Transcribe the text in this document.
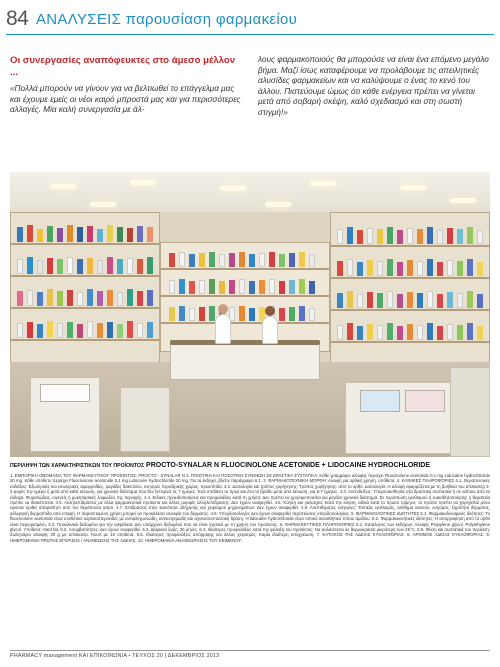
84 ΑΝΑΛΥΣΕΙΣ παρουσίαση φαρμακείου
Οι συνεργασίες αναπόφευκτες στο άμεσο μέλλον ...
«Πολλά μπορούν να γίνουν για να βελτιωθεί το επάγγελμα μας και έχουμε εμείς οι νέοι καιρό μπροστά μας και για περισσότερες αλλαγές. Μία καλή συνεργασία με άλ-
λους φαρμακοποιούς θα μπορούσε να είναι ένα επόμενο μεγάλο βήμα. Μαζί ίσως καταφέρουμε να προλάβουμε τις απειλητικές αλυσίδες φαρμακείων και να καλύψουμε ο ένας το κενό του άλλου. Πιστεύουμε ώμως ότι κάθε ενέργεια πρέπει να γίνεται μετά από σοβαρή σκέψη, καλό σχεδιασμό και στη σωστή στιγμή!»
ΠΕΡΙΛΗΨΗ ΤΩΝ ΧΑΡΑΚΤΗΡΙΣΤΙΚΩΝ ΤΟΥ ΠΡΟΪΟΝΤΟΣ PROCTO-SYNALAR N FLUOCINOLONE ACETONIDE + LIDOCAINE HYDROCHLORIDE
1. ΕΜΠΟΡΙΚΗ ΟΝΟΜΑΣΙΑ ΤΟΥ ΦΑΡΜΑΚΕΥΤΙΚΟΥ ΠΡΟΪΟΝΤΟΣ: PROCTO - SYNALAR N 2. ΠΟΙΟΤΙΚΗ ΚΑΙ ΠΟΣΟΤΙΚΗ ΣΥΝΘΕΣΗ ΣΕ ΔΡΑΣΤΙΚΑ ΣΥΣΤΑΤΙΚΑ: Κάθε γραμμάριο αλοιφής περιέχει Fluocinolone acetonide 0,1 mg Lidocaine hydrochloride 20 mg. Κάθε υπόθετο περιέχει Fluocinolone acetonide 0,1 mg Lidocaine hydrochloride 20 mg. Για τα έκδοχα, βλέπε παράγραφο 6.1. 3. ΦΑΡΜΑΚΟΤΕΧΝΙΚΗ ΜΟΡΦΗ: Αλοιφή για ορθική χρήση, υπόθετα. 4. ΚΛΙΝΙΚΕΣ ΠΛΗΡΟΦΟΡΙΕΣ 4.1. Θεραπευτικές ενδείξεις: Εξωτερικές και εσωτερικές αιμορροΐδες, ραγάδες δακτυλίου, κνησμός περιεδρικής χώρας, πρωκτίτιδα. 4.2. Δοσολογία και τρόπος χορήγησης: Τρόπος χορήγησης: από το ορθό. Δοσολογία: Η αλοιφή εφαρμόζεται με τη βοήθεια του απλικατέρ 2-3 φορές την ημέρα ή μετά από κάθε κένωση, για χρονικό διάστημα που δεν ξεπερνά τις 7 ημέρες. Ένα υπόθετο το πρωί και ένα το βράδυ μετά από κένωση, για 5-7 ημέρες. 4.3. Αντενδείξεις: Υπερευαισθησία στα δραστικά συστατικά ή σε κάποιο από τα έκδοχα. Φυματιώδεις, ιογενείς ή μυκητιασικές λοιμώξεις της περιοχής. 4.4. Ειδικές προειδοποιήσεις και προφυλάξεις κατά τη χρήση: Δεν πρέπει να χρησιμοποιείται για μεγάλο χρονικό διάστημα. Σε περίπτωση ερεθισμού ή ευαισθητοποίησης η θεραπεία πρέπει να διακόπτεται. 4.5. Αλληλεπιδράσεις με άλλα φαρμακευτικά προϊόντα και άλλες μορφές αλληλεπίδρασης: Δεν έχουν αναφερθεί. 4.6. Κύηση και γαλουχία: Κατά την κύηση, ειδικά κατά το πρώτο τρίμηνο, το προϊόν πρέπει να χορηγείται μόνο εφόσον κριθεί απαραίτητο από τον θεράποντα ιατρό. 4.7. Επιδράσεις στην ικανότητα οδήγησης και χειρισμού μηχανημάτων: Δεν έχουν αναφερθεί. 4.8. Ανεπιθύμητες ενέργειες: Τοπικός ερεθισμός, αίσθημα καύσου, κνησμός, ξηρότητα δέρματος, αλλεργική δερματίτιδα από επαφή. Η παρατεταμένη χρήση μπορεί να προκαλέσει ατροφία του δέρματος. 4.9. Υπερδοσολογία: Δεν έχουν αναφερθεί περιπτώσεις υπερδοσολογίας. 5. ΦΑΡΜΑΚΟΛΟΓΙΚΕΣ ΙΔΙΟΤΗΤΕΣ 5.1. Φαρμακοδυναμικές ιδιότητες: Το fluocinolone acetonide είναι συνθετικό κορτικοστεροειδές με αντιφλεγμονώδη, αντικνησμώδη και αγγειοσυσπαστική δράση. Η lidocaine hydrochloride είναι τοπικό αναισθητικό τύπου αμιδίου. 5.2. Φαρμακοκινητικές ιδιότητες: Η απορρόφηση από το ορθό είναι περιορισμένη. 5.3. Προκλινικά δεδομένα για την ασφάλεια: Δεν υπάρχουν δεδομένα που να είναι σχετικά με τη χρήση του προϊόντος. 6. ΦΑΡΜΑΚΕΥΤΙΚΕΣ ΠΛΗΡΟΦΟΡΙΕΣ 6.1. Κατάλογος των εκδόχων: Αλοιφή: Propylene glycol, Polyethylene glycol. Υπόθετα: Hard fat. 6.2. Ασυμβατότητες: Δεν έχουν αναφερθεί. 6.3. Διάρκεια ζωής: 36 μήνες. 6.4. Ιδιαίτερες προφυλάξεις κατά την φύλαξη του προϊόντος: Να φυλάσσεται σε θερμοκρασία μικρότερη των 25°C. 6.5. Φύση και συστατικά του περιέκτη: Σωληνάριο αλοιφής 30 g με απλικατέρ. Κουτί με 10 υπόθετα. 6.6. Ιδιαίτερες προφυλάξεις απόρριψης και άλλος χειρισμός: Καμία ιδιαίτερη υποχρέωση. 7. ΚΑΤΟΧΟΣ ΤΗΣ ΑΔΕΙΑΣ ΚΥΚΛΟΦΟΡΙΑΣ. 8. ΑΡΙΘΜΟΣ ΑΔΕΙΑΣ ΚΥΚΛΟΦΟΡΙΑΣ. 9. ΗΜΕΡΟΜΗΝΙΑ ΠΡΩΤΗΣ ΕΓΚΡΙΣΗΣ / ΑΝΑΝΕΩΣΗΣ ΤΗΣ ΑΔΕΙΑΣ. 10. ΗΜΕΡΟΜΗΝΙΑ ΑΝΑΘΕΩΡΗΣΗΣ ΤΟΥ ΚΕΙΜΕΝΟΥ.
PHARMACY management ΚΑΙ ΕΠΙΚΟΙΝΩΝΙΑ • ΤΕΥΧΟΣ 20 | ΔΕΚΕΜΒΡΙΟΣ 2013
